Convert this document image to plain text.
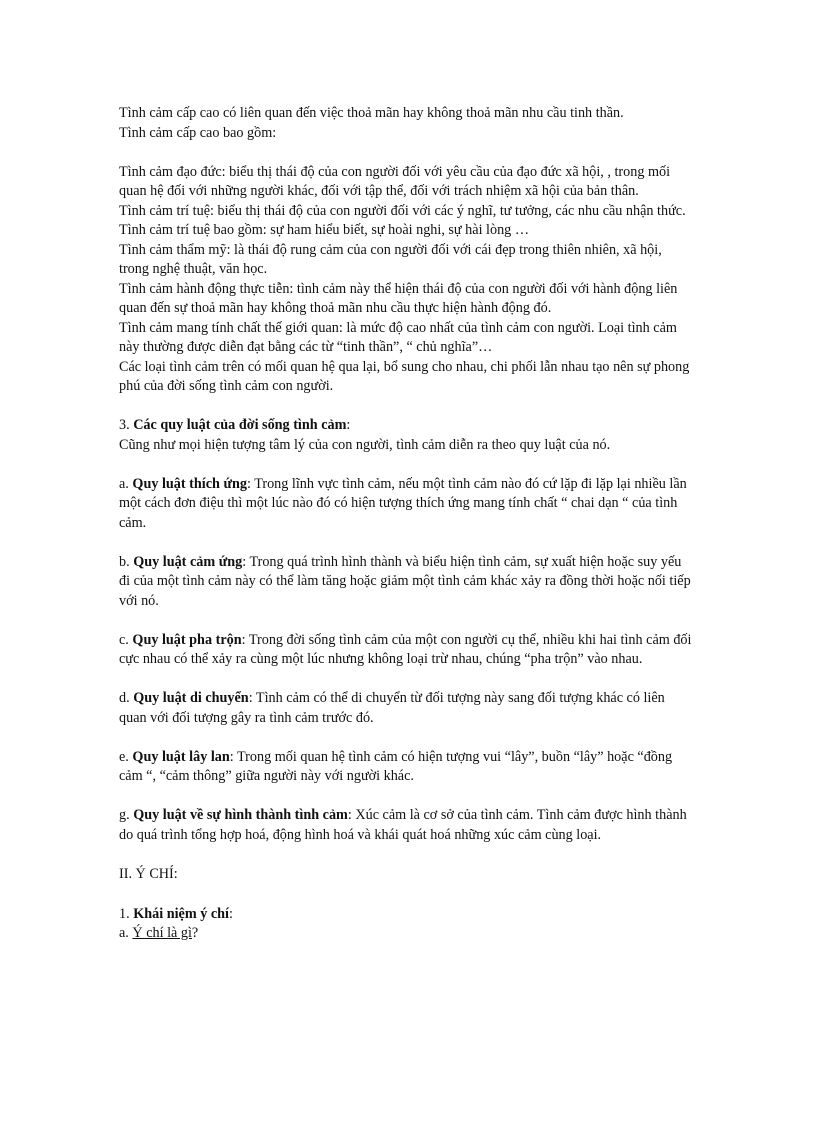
Tình cảm cấp cao có liên quan đến việc thoả mãn hay không thoả mãn nhu cầu tinh thần.

Tình cảm cấp cao bao gồm:

Tình cảm đạo đức: biểu thị thái độ của con người đối với yêu cầu của đạo đức xã hội, , trong mối quan hệ đối với những người khác, đối với tập thể, đối với trách nhiệm xã hội của bản thân.

Tình cảm trí tuệ: biểu thị thái độ của con người đối với các ý nghĩ, tư tưởng, các nhu cầu nhận thức. Tình cảm trí tuệ bao gồm: sự ham hiểu biết, sự hoài nghi, sự hài lòng …

Tình cảm thẩm mỹ: là thái độ rung cảm của con người đối với cái đẹp trong thiên nhiên, xã hội, trong nghệ thuật, văn học.

Tình cảm hành động thực tiễn: tình cảm này thể hiện thái độ của con người đối với hành động liên quan đến sự thoả mãn hay không thoả mãn nhu cầu thực hiện hành động đó.

Tình cảm mang tính chất thế giới quan: là mức độ cao nhất của tình cảm con người. Loại tình cảm này thường được diễn đạt bằng các từ “tinh thần”, “ chủ nghĩa”…

Các loại tình cảm trên có mối quan hệ qua lại, bổ sung cho nhau, chi phối lẫn nhau tạo nên sự phong phú của đời sống tình cảm con người.

3. Các quy luật của đời sống tình cảm:

Cũng như mọi hiện tượng tâm lý của con người, tình cảm diễn ra theo quy luật của nó.

a. Quy luật thích ứng: Trong lĩnh vực tình cảm, nếu một tình cảm nào đó cứ lặp đi lặp lại nhiều lần một cách đơn điệu thì một lúc nào đó có hiện tượng thích ứng mang tính chất “ chai dạn “ của tình cảm.

b. Quy luật cảm ứng: Trong quá trình hình thành và biểu hiện tình cảm, sự xuất hiện hoặc suy yếu đi của một tình cảm này có thể làm tăng hoặc giảm một tình cảm khác xảy ra đồng thời hoặc nối tiếp với nó.

c. Quy luật pha trộn: Trong đời sống tình cảm của một con người cụ thể, nhiều khi hai tình cảm đối cực nhau có thể xảy ra cùng một lúc nhưng không loại trừ nhau, chúng “pha trộn” vào nhau.

d. Quy luật di chuyển: Tình cảm có thể di chuyển từ đối tượng này sang đối tượng khác có liên quan với đối tượng gây ra tình cảm trước đó.

e. Quy luật lây lan: Trong mối quan hệ tình cảm có hiện tượng vui “lây”, buồn “lây” hoặc “đồng cảm “, “cảm thông” giữa người này với người khác.

g. Quy luật về sự hình thành tình cảm: Xúc cảm là cơ sở của tình cảm. Tình cảm được hình thành do quá trình tổng hợp hoá, động hình hoá và khái quát hoá những xúc cảm cùng loại.

II. Ý CHÍ:

1. Khái niệm ý chí:

a. Ý chí là gì?
